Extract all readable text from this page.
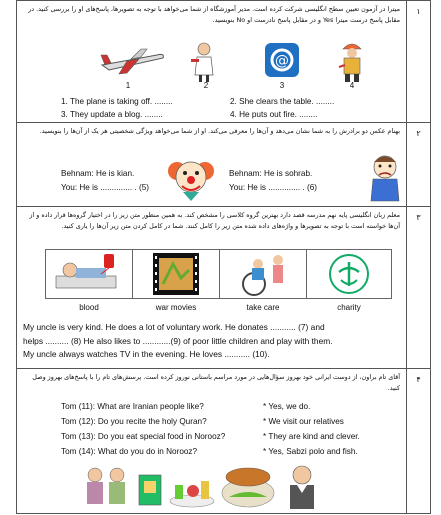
۱
میترا در آزمون تعیین سطح انگلیسی شرکت کرده است. مدیر آموزشگاه از شما می‌خواهد با توجه به تصویرها، پاسخ‌های او را بررسی کنید. در مقابل پاسخ درست میترا Yes و در مقابل پاسخ نادرست او No بنویسید.
@
1	2	3	4
1. The plane is taking off. ........	2. She clears the table. ........
3. They update a blog. ........	4. He puts out fire. ........
۲
بهنام عکس دو برادرش را به شما نشان می‌دهد و آن‌ها را معرفی می‌کند. او از شما می‌خواهد ویژگی شخصیتی هر یک از آن‌ها را بنویسید.
Behnam: He is kian.
You: He is .............. . (5)
Behnam: He is sohrab.
You: He is .............. . (6)
۳
معلم زبان انگلیسی پایه نهم مدرسه قصد دارد بهترین گروه کلاسی را مشخص کند. به همین منظور متن زیر را در اختیار گروه‌ها قرار داده و از آن‌ها خواسته است با توجه به تصویرها و واژه‌های داده شده متن زیر را کامل کنند. شما در کامل کردن متن زیر آن‌ها را یاری کنید.
blood	war movies	take care	charity
My uncle is very kind. He does a lot of voluntary work. He donates ........... (7) and
helps .......... (8) He also likes to ............(9) of poor little children and play with them.
My uncle always watches TV in the evening. He loves ........... (10).
۴
آقای تام براون، از دوست ایرانی خود بهروز سؤال‌هایی در مورد مراسم باستانی نوروز کرده است. پرسش‌های تام را با پاسخ‌های بهروز وصل کنید.
Tom (11): What are Iranian people like?
Tom (12): Do you recite the holy Quran?
Tom (13): Do you eat special food in Norooz?
Tom (14): What do you do in Norooz?
* Yes, we do.
* We visit our relatives
* They are kind and clever.
* Yes, Sabzi polo and fish.
